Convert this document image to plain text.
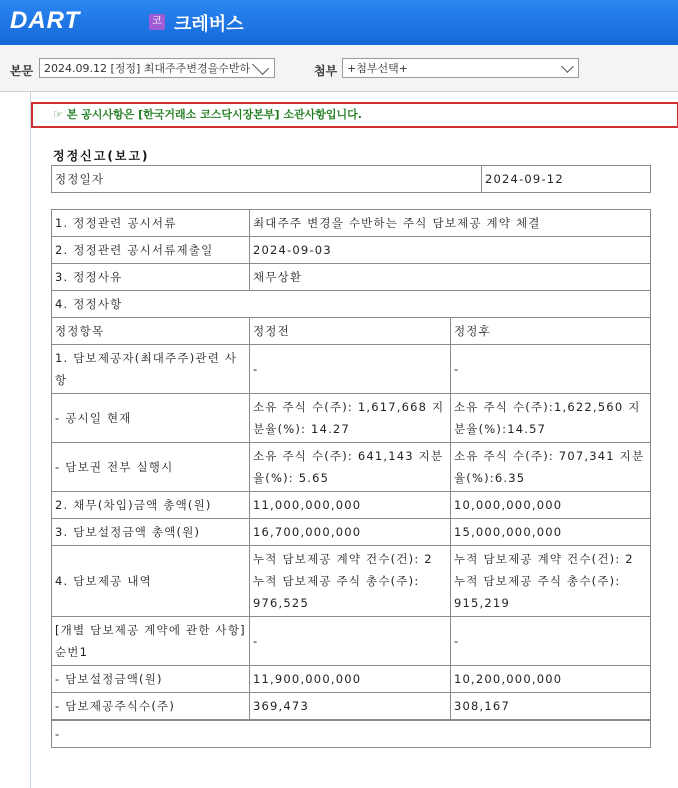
DART	코 크레버스
본문 2024.09.12 [정정] 최대주주변경을수반하	첨부 +첨부선택+
☞ 본 공시사항은 [한국거래소 코스닥시장본부] 소관사항입니다.
정정신고(보고)
정정일자	2024-09-12
1. 정정관련 공시서류	최대주주 변경을 수반하는 주식 담보제공 계약 체결	
2. 정정관련 공시서류제출일	2024-09-03	
3. 정정사유	채무상환	
4. 정정사항		
정정항목	정정전	정정후
1. 담보제공자(최대주주)관련 사항	-	-
- 공시일 현재	소유 주식 수(주): 1,617,668 지분율(%): 14.27	소유 주식 수(주):1,622,560 지분율(%):14.57
- 담보권 전부 실행시	소유 주식 수(주): 641,143 지분율(%): 5.65	소유 주식 수(주): 707,341 지분율(%):6.35
2. 채무(차입)금액 총액(원)	11,000,000,000	10,000,000,000
3. 담보설정금액 총액(원)	16,700,000,000	15,000,000,000
4. 담보제공 내역	누적 담보제공 계약 건수(건): 2 누적 담보제공 주식 총수(주): 976,525	누적 담보제공 계약 건수(건): 2 누적 담보제공 주식 총수(주): 915,219
[개별 담보제공 계약에 관한 사항] 순번1	-	-
- 담보설정금액(원)	11,900,000,000	10,200,000,000
- 담보제공주식수(주)	369,473	308,167
-
